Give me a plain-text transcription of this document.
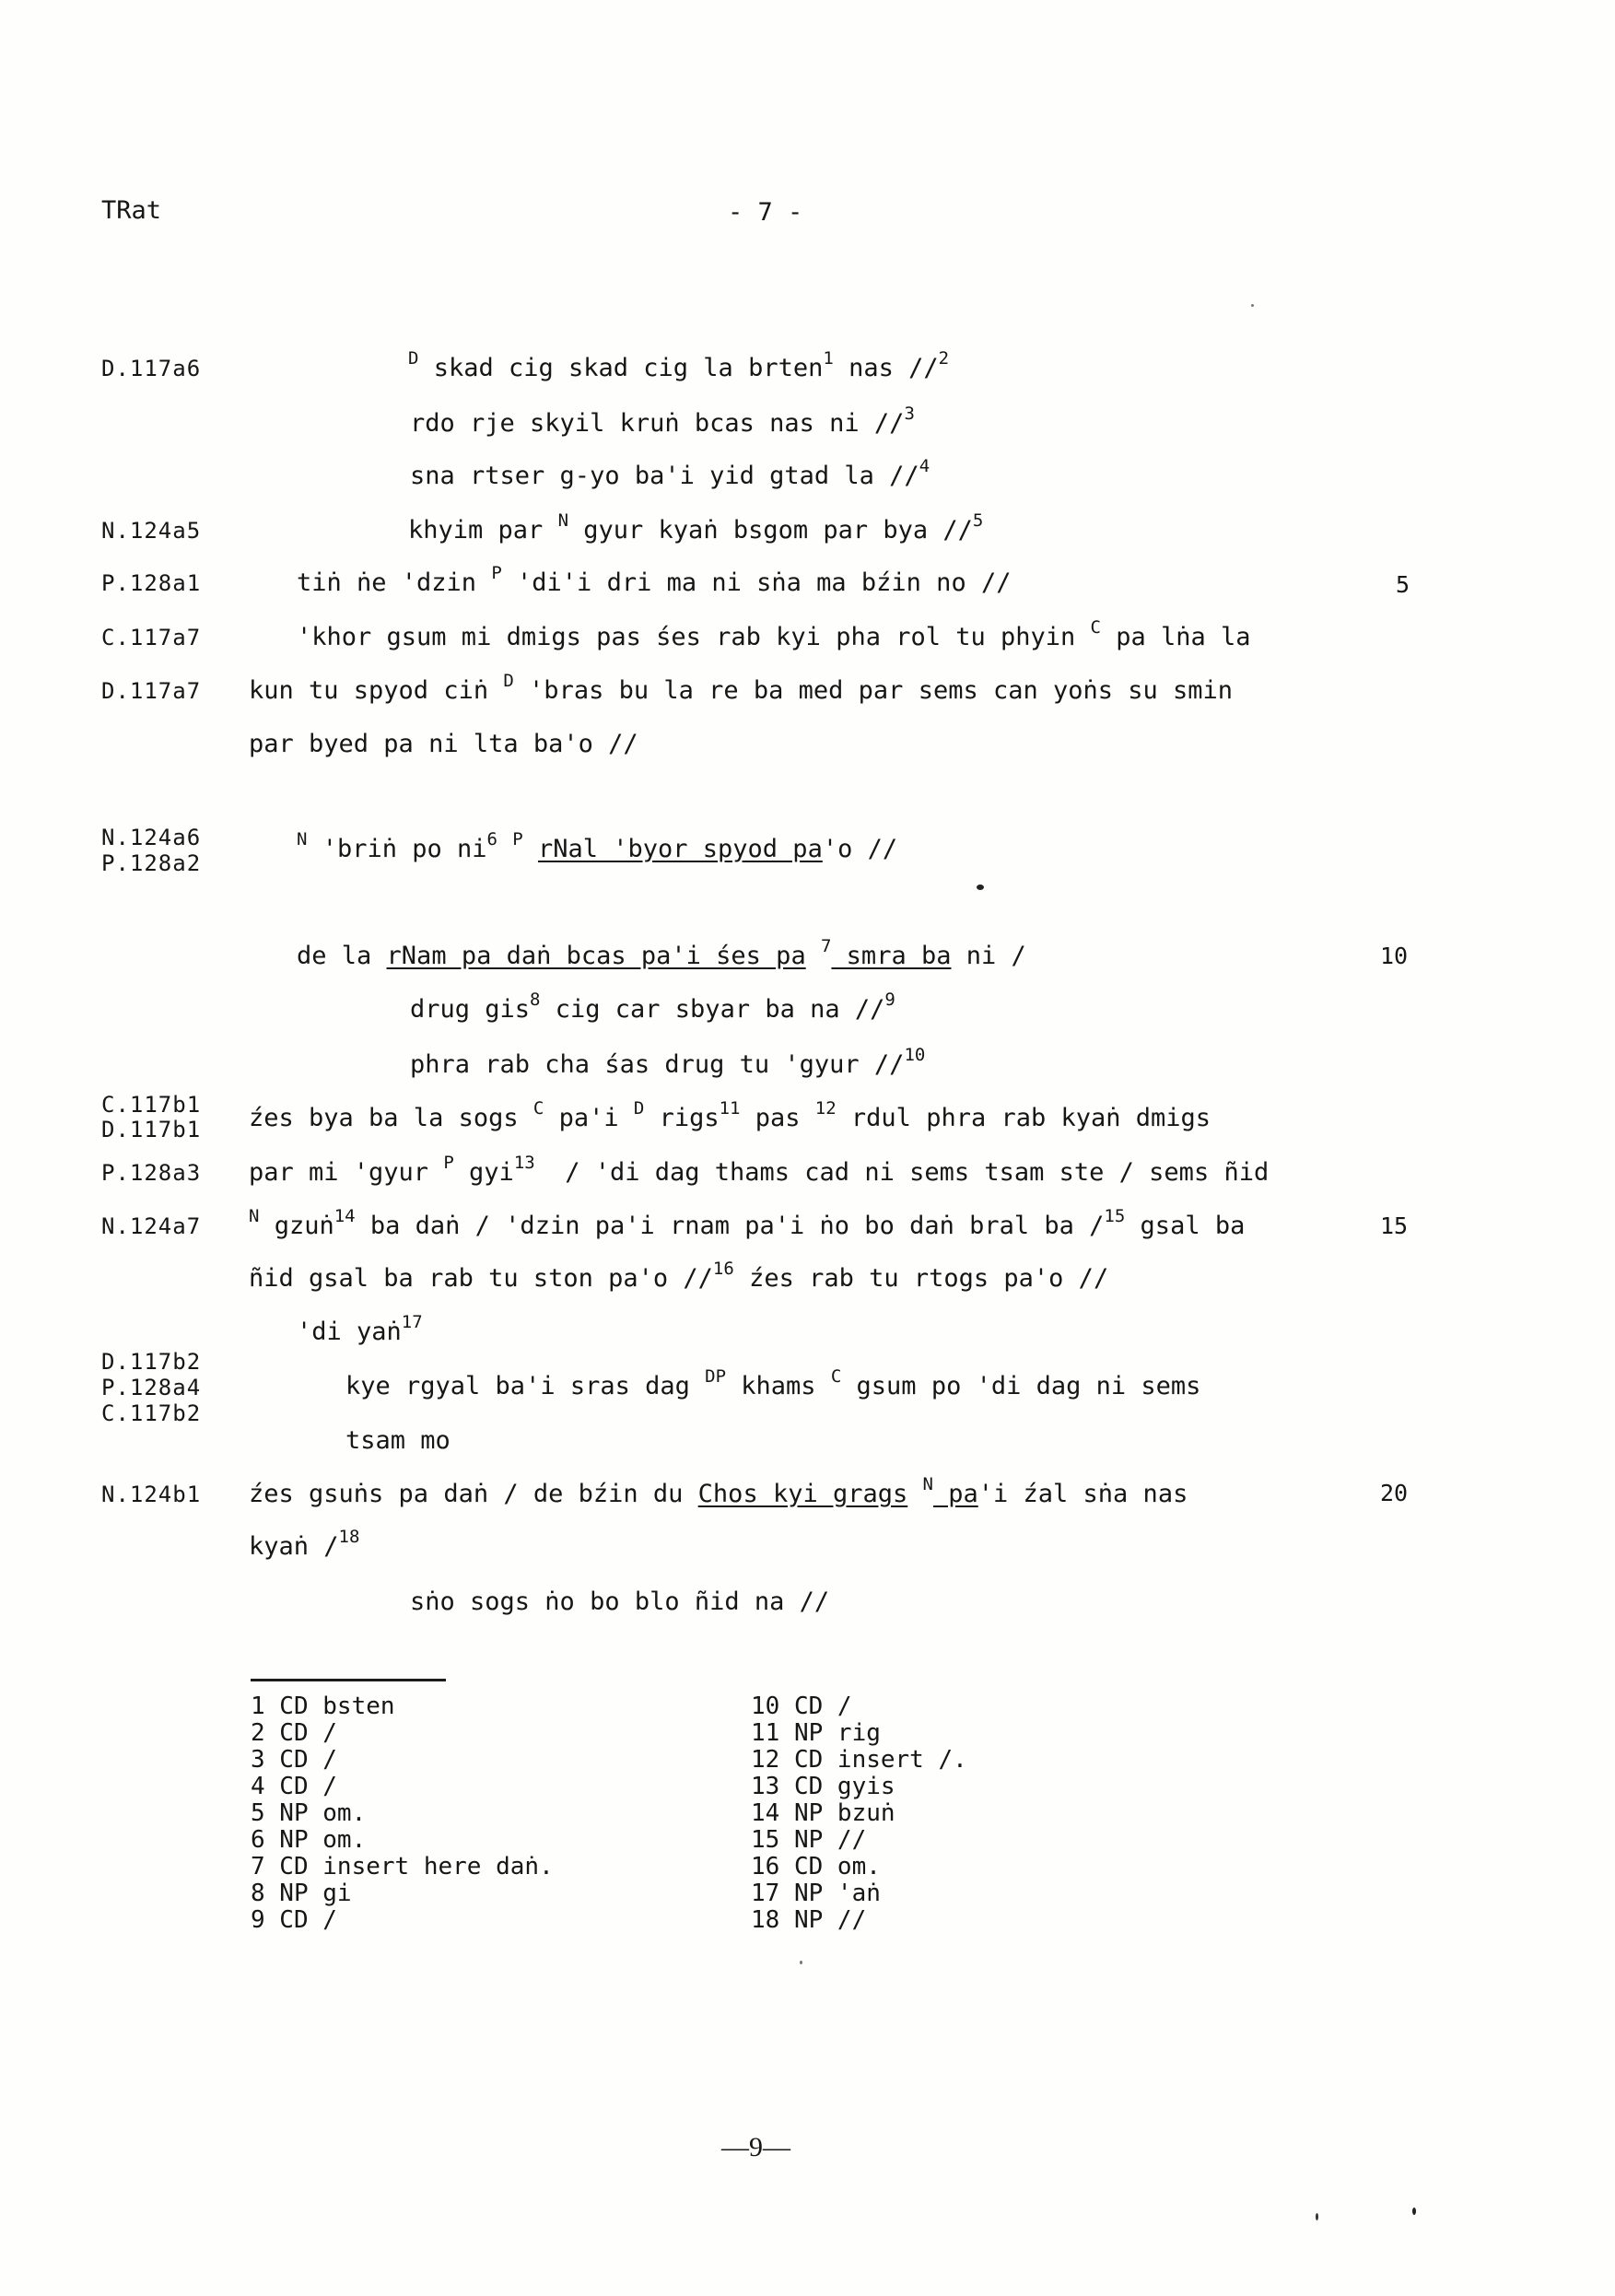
TRat	- 7 -
D.117a6
N.124a5
P.128a1
C.117a7
D.117a7
N.124a6
P.128a2
C.117b1
D.117b1
P.128a3
N.124a7
D.117b2
P.128a4
C.117b2
N.124b1
5
10
15
20
$^D$ skad cig skad cig la brten$^1$ nas //$^2$
rdo rje skyil kruṅ bcas nas ni //$^3$
sna rtser g-yo ba'i yid gtad la //$^4$
khyim par $^N$ gyur kyaṅ bsgom par bya //$^5$
tiṅ ṅe 'dzin $^P$ 'di'i dri ma ni sṅa ma bźin no //
'khor gsum mi dmigs pas śes rab kyi pha rol tu phyin $^C$ pa lṅa la
kun tu spyod ciṅ $^D$ 'bras bu la re ba med par sems can yoṅs su smin
par byed pa ni lta ba'o //
$^N$ 'briṅ po $ni^6$ $^P$ rNal 'byor spyod pa'o //
de la rNam pa daṅ bcas pa'i śes pa $^7$ smra ba ni /
drug gis$^8$ cig car sbyar ba na //$^9$
phra rab cha śas drug tu 'gyur //$^{10}$
źes bya ba la sogs $^C$ pa'i $^D$ rigs$^{11}$ pas $^{12}$ rdul phra rab kyaṅ dmigs
par mi 'gyur $^P$ gyi$^{13}$  / 'di dag thams cad ni sems tsam ste / sems ñid
$^N$ gzuṅ$^{14}$ ba daṅ / 'dzin pa'i rnam pa'i ṅo bo daṅ bral ba /$^{15}$ gsal ba
ñid gsal ba rab tu ston pa'o //$^{16}$ źes rab tu rtogs pa'o //
'di yaṅ$^{17}$
kye rgyal ba'i sras dag $^{DP}$ khams $^C$ gsum po 'di dag ni sems
tsam mo
źes gsuṅs pa daṅ / de bźin du Chos kyi grags $^N$ pa'i źal sṅa nas
kyaṅ /$^{18}$
sṅo sogs ṅo bo blo ñid na //
1 CD bsten
2 CD /
3 CD /
4 CD /
5 NP om.
6 NP om.
7 CD insert here daṅ.
8 NP gi
9 CD /
10 CD /
11 NP rig
12 CD insert /.
13 CD gyis
14 NP bzuṅ
15 NP //
16 CD om.
17 NP 'aṅ
18 NP //
—9—
